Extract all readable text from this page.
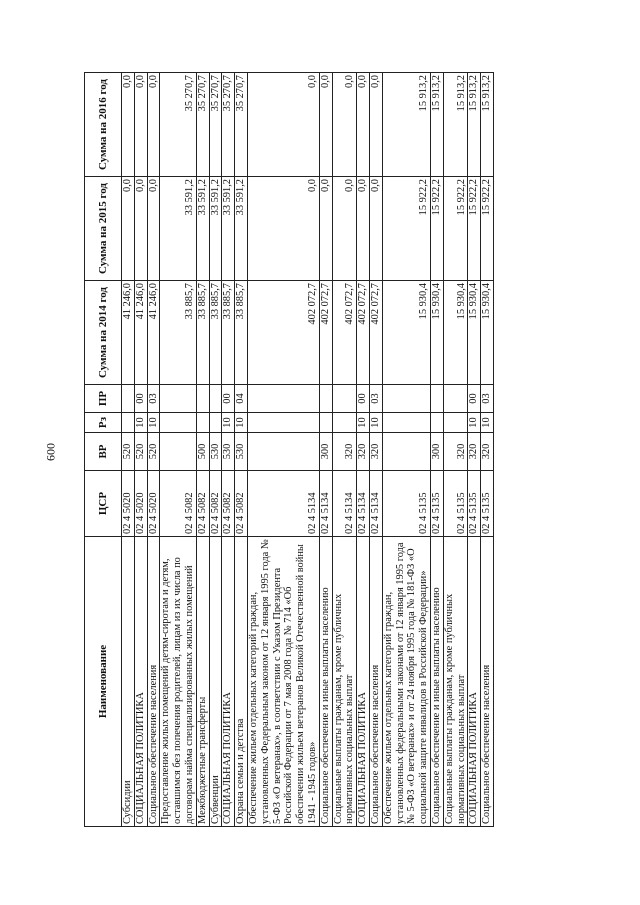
600
Наименование	ЦСР	ВР	Рз	ПР	Сумма на 2014 год	Сумма на 2015 год	Сумма на 2016 год
Субсидии	02 4 5020	520			41 246,0	0,0	0,0
СОЦИАЛЬНАЯ ПОЛИТИКА	02 4 5020	520	10	00	41 246,0	0,0	0,0
Социальное обеспечение населения	02 4 5020	520	10	03	41 246,0	0,0	0,0
Предоставление жилых помещений детям-сиротам и детям, оставшимся без попечения родителей, лицам из их числа по договорам найма специализированных жилых помещений	02 4 5082				33 885,7	33 591,2	35 270,7
Межбюджетные трансферты	02 4 5082	500			33 885,7	33 591,2	35 270,7
Субвенции	02 4 5082	530			33 885,7	33 591,2	35 270,7
СОЦИАЛЬНАЯ ПОЛИТИКА	02 4 5082	530	10	00	33 885,7	33 591,2	35 270,7
Охрана семьи и детства	02 4 5082	530	10	04	33 885,7	33 591,2	35 270,7
Обеспечение жильем отдельных категорий граждан, установленных Федеральным законом от 12 января 1995 года № 5-ФЗ «О ветеранах», в соответствии с Указом Президента Российской Федерации от 7 мая 2008 года № 714 «Об обеспечении жильем ветеранов Великой Отечественной войны 1941 - 1945 годов»	02 4 5134				402 072,7	0,0	0,0
Социальное обеспечение и иные выплаты населению	02 4 5134	300			402 072,7	0,0	0,0
Социальные выплаты гражданам, кроме публичных нормативных социальных выплат	02 4 5134	320			402 072,7	0,0	0,0
СОЦИАЛЬНАЯ ПОЛИТИКА	02 4 5134	320	10	00	402 072,7	0,0	0,0
Социальное обеспечение населения	02 4 5134	320	10	03	402 072,7	0,0	0,0
Обеспечение жильем отдельных категорий граждан, установленных федеральными законами от 12 января 1995 года № 5-ФЗ «О ветеранах» и от 24 ноября 1995 года № 181-ФЗ «О социальной защите инвалидов в Российской Федерации»	02 4 5135				15 930,4	15 922,2	15 913,2
Социальное обеспечение и иные выплаты населению	02 4 5135	300			15 930,4	15 922,2	15 913,2
Социальные выплаты гражданам, кроме публичных нормативных социальных выплат	02 4 5135	320			15 930,4	15 922,2	15 913,2
СОЦИАЛЬНАЯ ПОЛИТИКА	02 4 5135	320	10	00	15 930,4	15 922,2	15 913,2
Социальное обеспечение населения	02 4 5135	320	10	03	15 930,4	15 922,2	15 913,2
